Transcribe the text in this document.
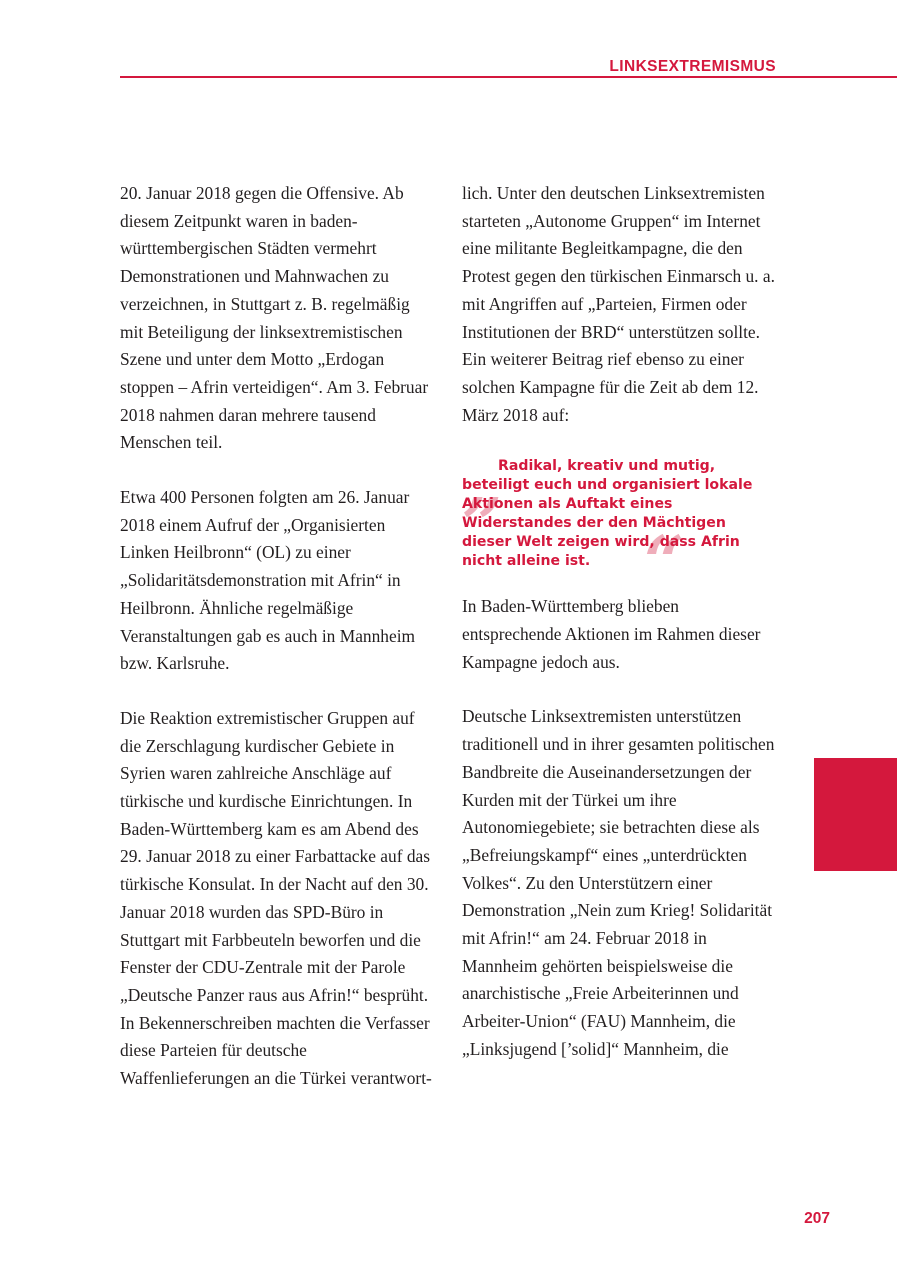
LINKSEXTREMISMUS

20. Januar 2018 gegen die Offensive. Ab diesem Zeitpunkt waren in baden-württembergischen Städten vermehrt Demonstrationen und Mahnwachen zu verzeichnen, in Stuttgart z. B. regelmäßig mit Beteiligung der linksextremistischen Szene und unter dem Motto „Erdogan stoppen – Afrin verteidigen“. Am 3. Februar 2018 nahmen daran mehrere tausend Menschen teil.

Etwa 400 Personen folgten am 26. Januar 2018 einem Aufruf der „Organisierten Linken Heilbronn“ (OL) zu einer „Solidaritätsdemonstration mit Afrin“ in Heilbronn. Ähnliche regelmäßige Veranstaltungen gab es auch in Mannheim bzw. Karlsruhe.

Die Reaktion extremistischer Gruppen auf die Zerschlagung kurdischer Gebiete in Syrien waren zahlreiche Anschläge auf türkische und kurdische Einrichtungen. In Baden-Württemberg kam es am Abend des 29. Januar 2018 zu einer Farbattacke auf das türkische Konsulat. In der Nacht auf den 30. Januar 2018 wurden das SPD-Büro in Stuttgart mit Farbbeuteln beworfen und die Fenster der CDU-Zentrale mit der Parole „Deutsche Panzer raus aus Afrin!“ besprüht. In Bekennerschreiben machten die Verfasser diese Parteien für deutsche Waffenlieferungen an die Türkei verantwort-

lich. Unter den deutschen Linksextremisten starteten „Autonome Gruppen“ im Internet eine militante Begleitkampagne, die den Protest gegen den türkischen Einmarsch u. a. mit Angriffen auf „Parteien, Firmen oder Institutionen der BRD“ unterstützen sollte. Ein weiterer Beitrag rief ebenso zu einer solchen Kampagne für die Zeit ab dem 12. März 2018 auf:

„
“

Radikal, kreativ und mutig, beteiligt euch und organisiert lokale Aktionen als Auftakt eines Widerstandes der den Mächtigen dieser Welt zeigen wird, dass Afrin nicht alleine ist.

In Baden-Württemberg blieben entsprechende Aktionen im Rahmen dieser Kampagne jedoch aus.

Deutsche Linksextremisten unterstützen traditionell und in ihrer gesamten politischen Bandbreite die Auseinandersetzungen der Kurden mit der Türkei um ihre Autonomiegebiete; sie betrachten diese als „Befreiungskampf“ eines „unterdrückten Volkes“. Zu den Unterstützern einer Demonstration „Nein zum Krieg! Solidarität mit Afrin!“ am 24. Februar 2018 in Mannheim gehörten beispielsweise die anarchistische „Freie Arbeiterinnen und Arbeiter-Union“ (FAU) Mannheim, die „Linksjugend [’solid]“ Mannheim, die

207
